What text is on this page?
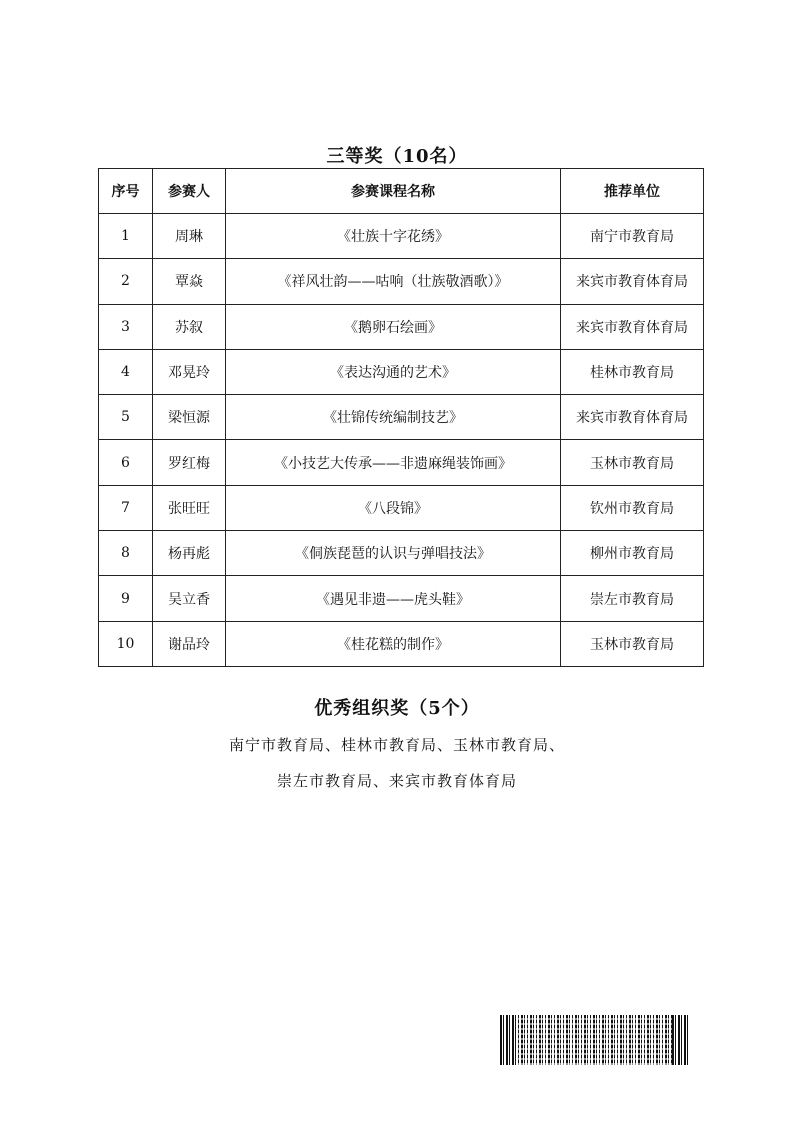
三等奖（10名）
序号	参赛人	参赛课程名称	推荐单位
1	周琳	《壮族十字花绣》	南宁市教育局
2	覃焱	《祥风壮韵——咕响（壮族敬酒歌）》	来宾市教育体育局
3	苏叙	《鹅卵石绘画》	来宾市教育体育局
4	邓晃玲	《表达沟通的艺术》	桂林市教育局
5	梁恒源	《壮锦传统编制技艺》	来宾市教育体育局
6	罗红梅	《小技艺大传承——非遗麻绳装饰画》	玉林市教育局
7	张旺旺	《八段锦》	钦州市教育局
8	杨再彪	《侗族琵琶的认识与弹唱技法》	柳州市教育局
9	吴立香	《遇见非遗——虎头鞋》	崇左市教育局
10	谢品玲	《桂花糕的制作》	玉林市教育局
优秀组织奖（5个）
南宁市教育局、桂林市教育局、玉林市教育局、
崇左市教育局、来宾市教育体育局
